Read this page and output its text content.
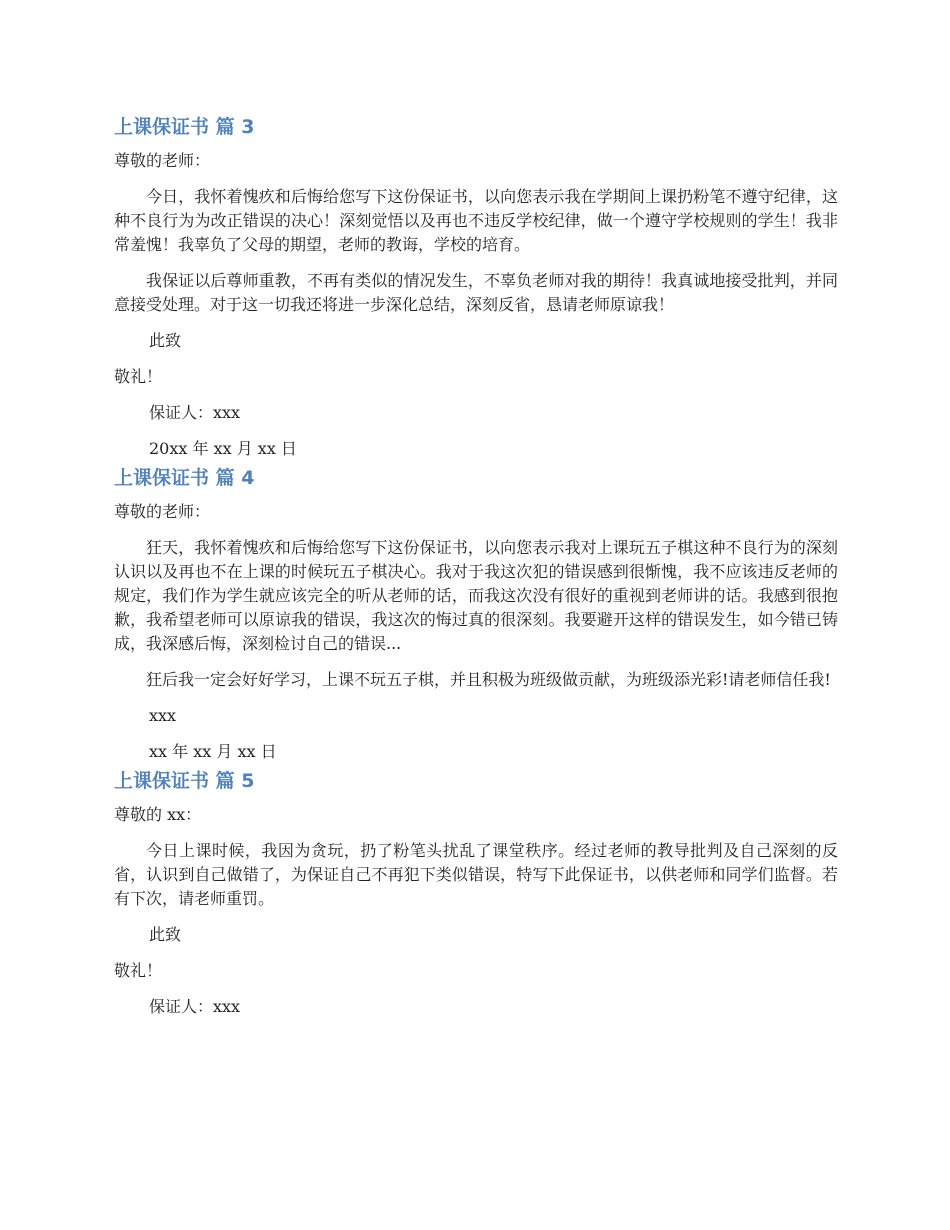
上课保证书 篇 3

尊敬的老师：

今日，我怀着愧疚和后悔给您写下这份保证书，以向您表示我在学期间上课扔粉笔不遵守纪律，这种不良行为为改正错误的决心！深刻觉悟以及再也不违反学校纪律，做一个遵守学校规则的学生！我非常羞愧！我辜负了父母的期望，老师的教诲，学校的培育。

我保证以后尊师重教，不再有类似的情况发生，不辜负老师对我的期待！我真诚地接受批判，并同意接受处理。对于这一切我还将进一步深化总结，深刻反省，恳请老师原谅我！

此致

敬礼！

保证人：xxx

20xx 年 xx 月 xx 日

上课保证书 篇 4

尊敬的老师：

狂天，我怀着愧疚和后悔给您写下这份保证书，以向您表示我对上课玩五子棋这种不良行为的深刻认识以及再也不在上课的时候玩五子棋决心。我对于我这次犯的错误感到很惭愧，我不应该违反老师的规定，我们作为学生就应该完全的听从老师的话，而我这次没有很好的重视到老师讲的话。我感到很抱歉，我希望老师可以原谅我的错误，我这次的悔过真的很深刻。我要避开这样的错误发生，如今错已铸成，我深感后悔，深刻检讨自己的错误...

狂后我一定会好好学习，上课不玩五子棋，并且积极为班级做贡献，为班级添光彩!请老师信任我!

xxx

xx 年 xx 月 xx 日

上课保证书 篇 5

尊敬的 xx：

今日上课时候，我因为贪玩，扔了粉笔头扰乱了课堂秩序。经过老师的教导批判及自己深刻的反省，认识到自己做错了，为保证自己不再犯下类似错误，特写下此保证书，以供老师和同学们监督。若有下次，请老师重罚。

此致

敬礼！

保证人：xxx
